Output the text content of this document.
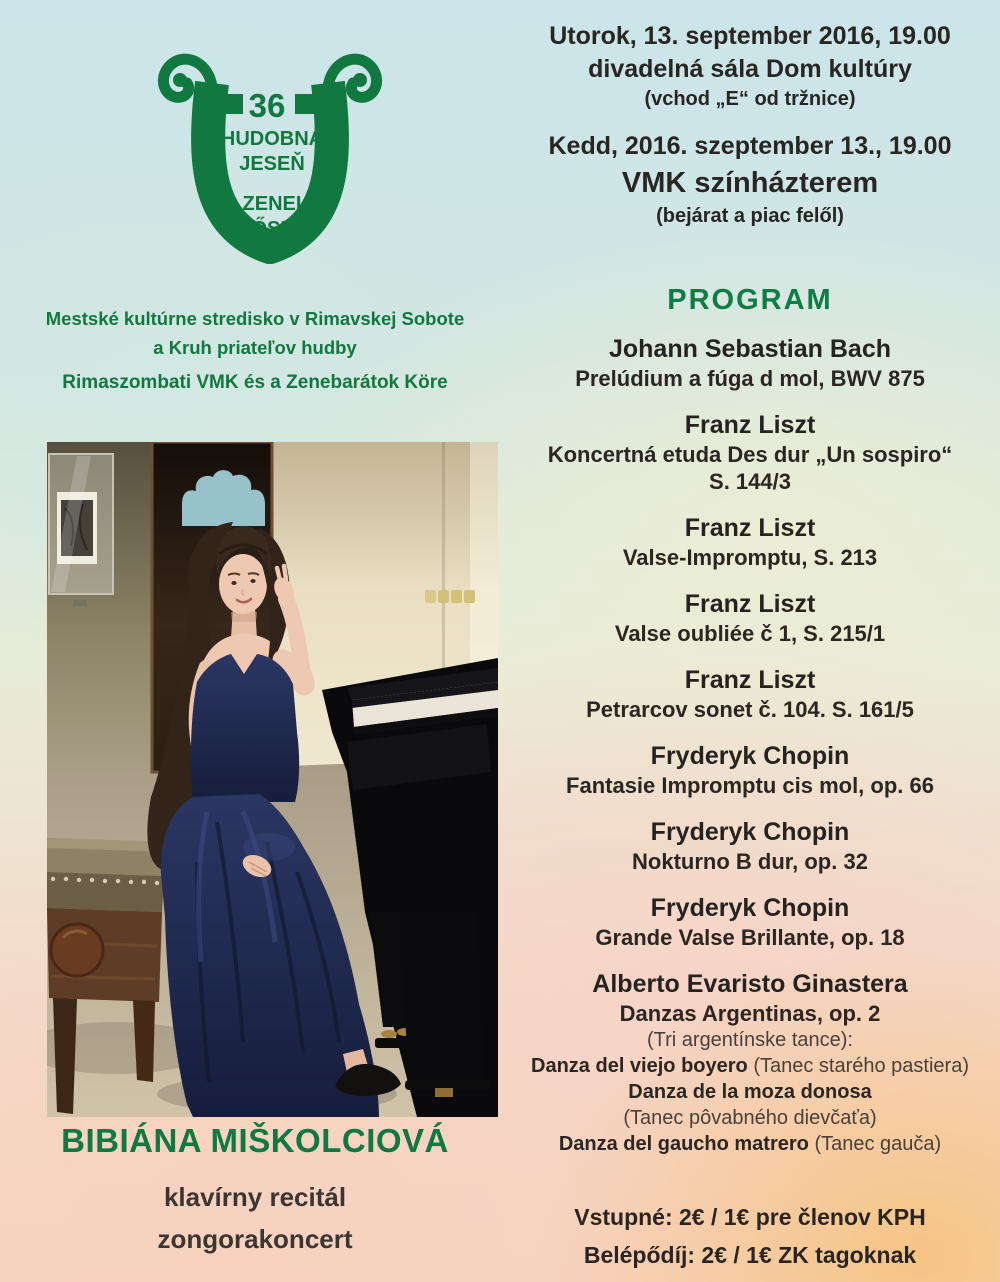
36
HUDOBNÁ
JESEŇ
ZENEI
ŐSZ
Mestské kultúrne stredisko v Rimavskej Sobote
a Kruh priateľov hudby
Rimaszombati VMK és a Zenebarátok Köre
BIBIÁNA MIŠKOLCIOVÁ
klavírny recitál
zongorakoncert
Utorok, 13. september 2016, 19.00
divadelná sála Dom kultúry
(vchod „E“ od tržnice)
Kedd, 2016. szeptember 13., 19.00
VMK színházterem
(bejárat a piac felől)
PROGRAM
Johann Sebastian Bach
Prelúdium a fúga d mol, BWV 875
Franz Liszt
Koncertná etuda Des dur „Un sospiro“
S. 144/3
Franz Liszt
Valse-Impromptu, S. 213
Franz Liszt
Valse oubliée č 1, S. 215/1
Franz Liszt
Petrarcov sonet č. 104. S. 161/5
Fryderyk Chopin
Fantasie Impromptu cis mol, op. 66
Fryderyk Chopin
Nokturno B dur, op. 32
Fryderyk Chopin
Grande Valse Brillante, op. 18
Alberto Evaristo Ginastera
Danzas Argentinas, op. 2
(Tri argentínske tance):
Danza del viejo boyero (Tanec starého pastiera)
Danza de la moza donosa
(Tanec pôvabného dievčaťa)
Danza del gaucho matrero (Tanec gauča)
Vstupné: 2€ / 1€ pre členov KPH
Belépődíj: 2€ / 1€ ZK tagoknak
